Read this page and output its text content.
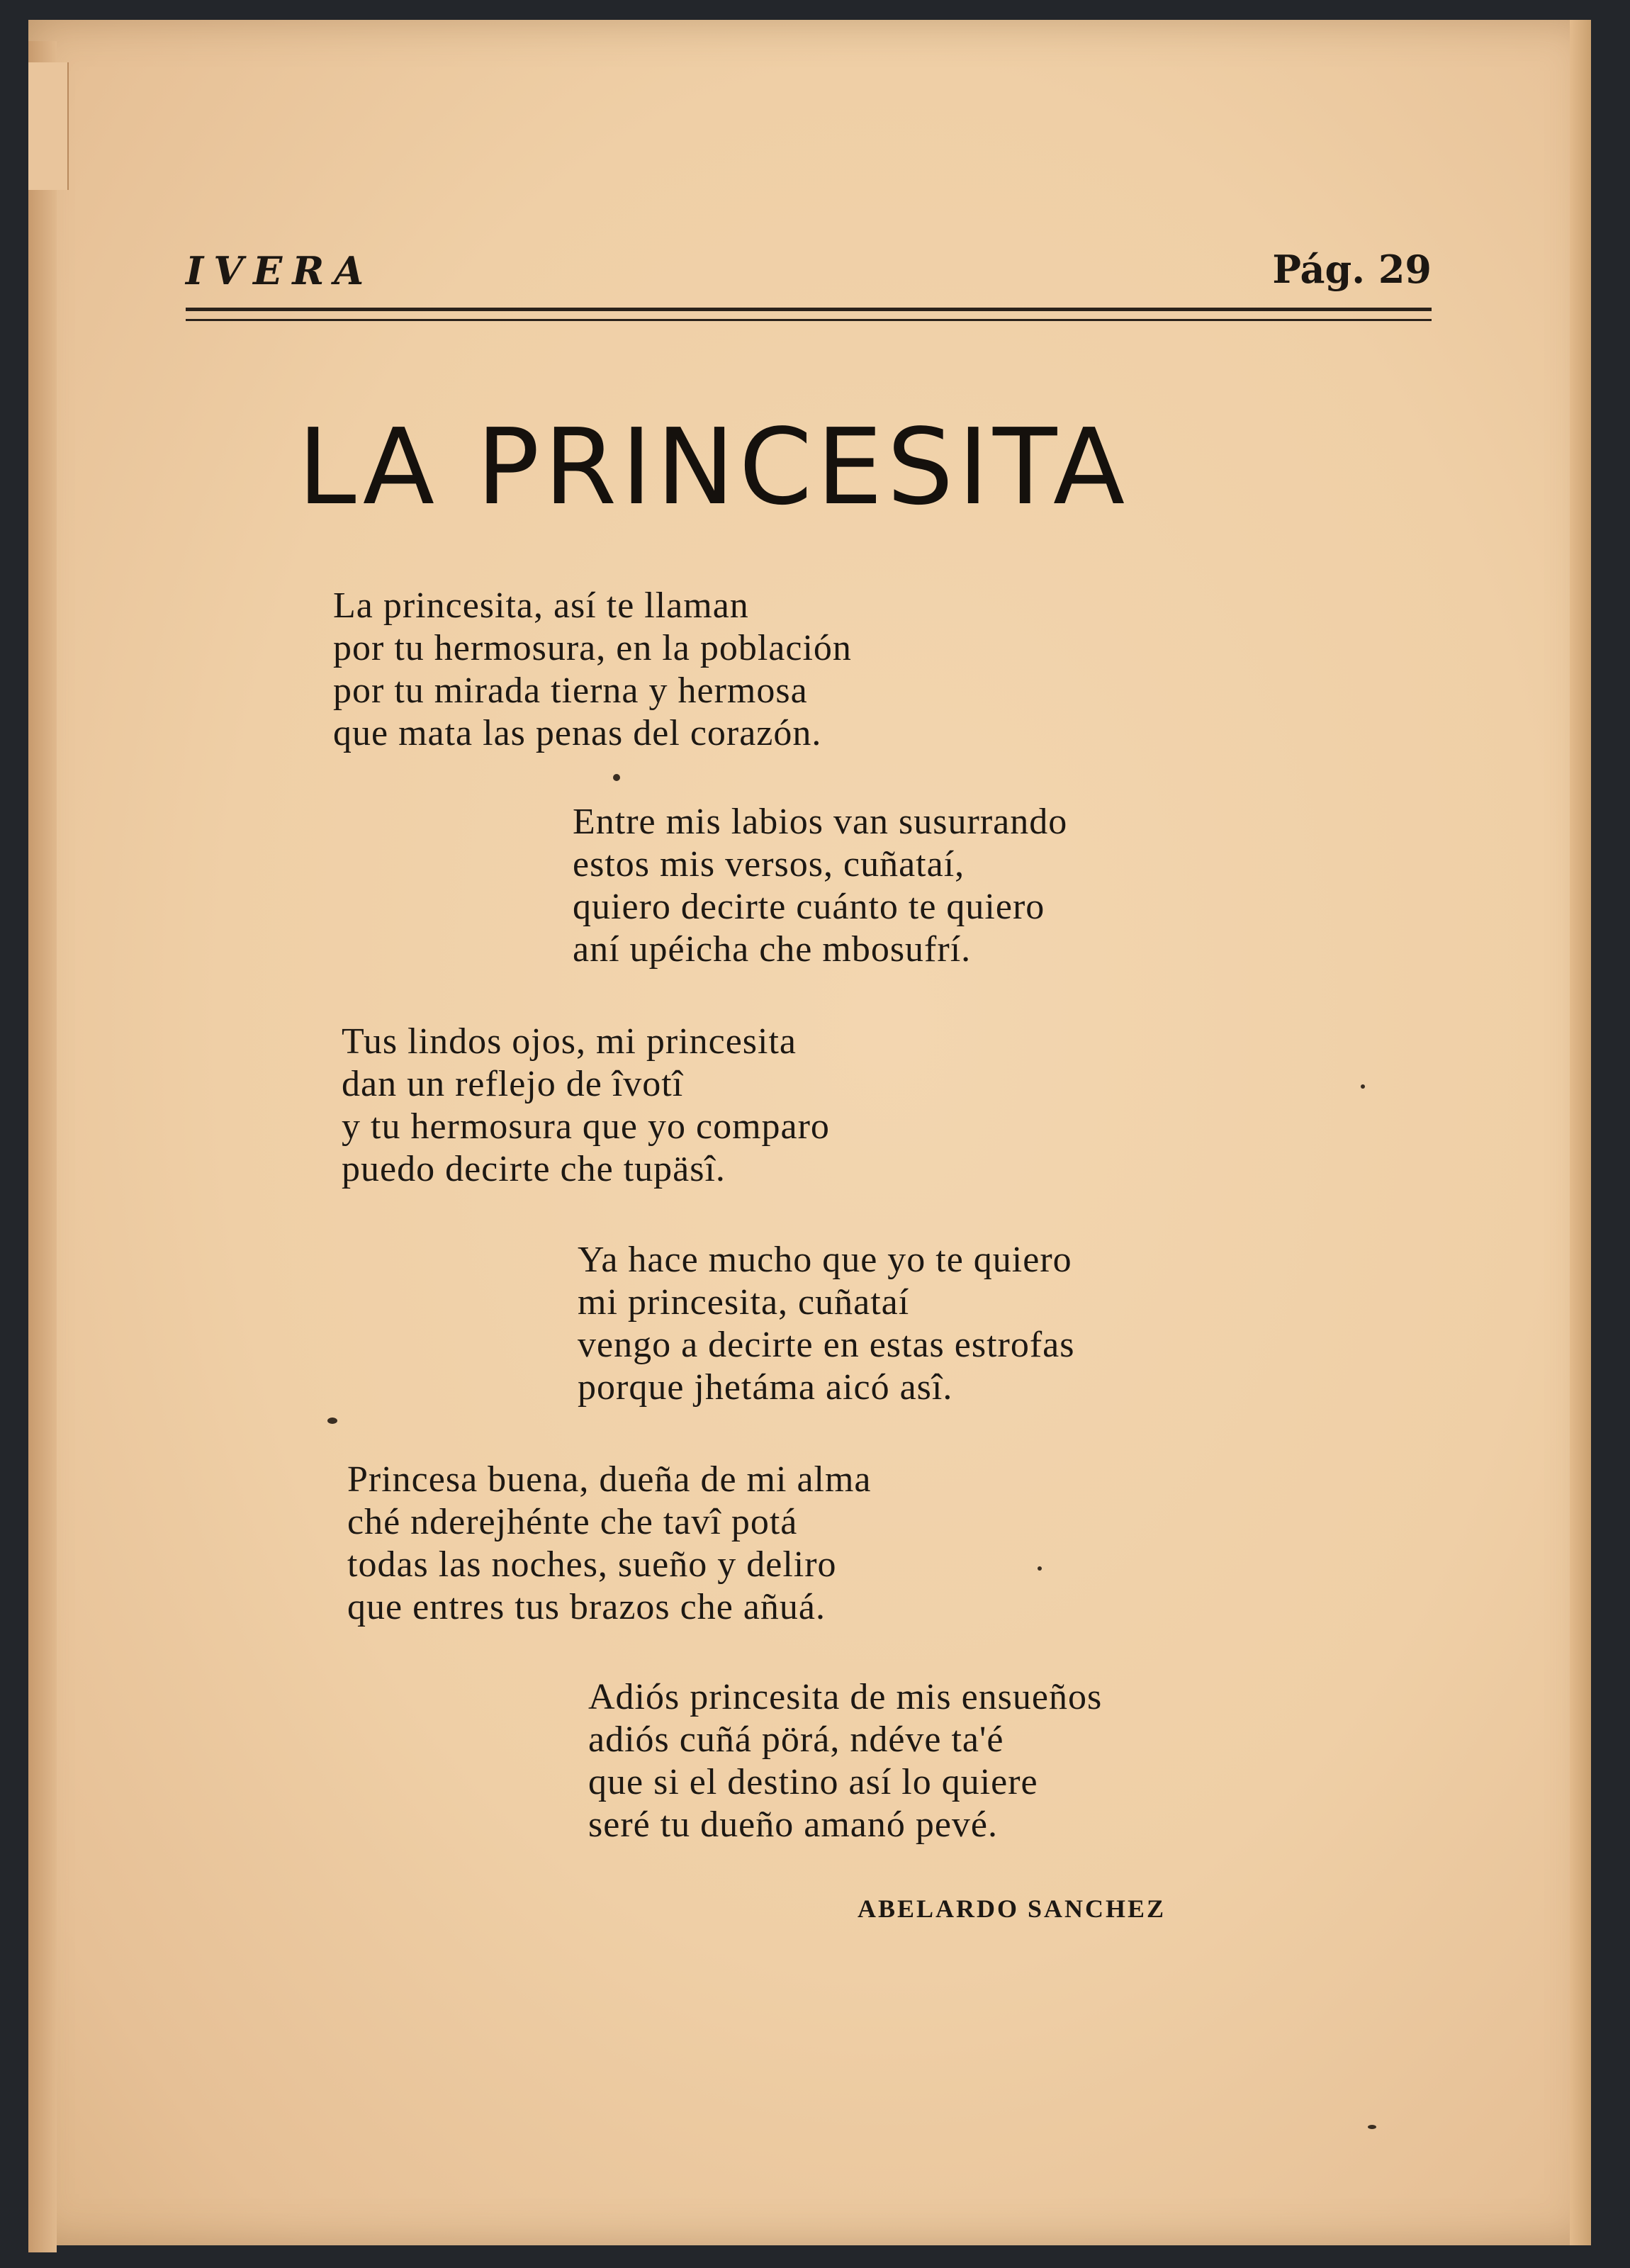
IVERA	Pág. 29
LA PRINCESITA
La princesita, así te llaman
por tu hermosura, en la población
por tu mirada tierna y hermosa
que mata las penas del corazón.
Entre mis labios van susurrando
estos mis versos, cuñataí,
quiero decirte cuánto te quiero
aní upéicha che mbosufrí.
Tus lindos ojos, mi princesita
dan un reflejo de îvotî
y tu hermosura que yo comparo
puedo decirte che tupäsî.
Ya hace mucho que yo te quiero
mi princesita, cuñataí
vengo a decirte en estas estrofas
porque jhetáma aicó asî.
Princesa buena, dueña de mi alma
ché nderejhénte che tavî potá
todas las noches, sueño y deliro
que entres tus brazos che añuá.
Adiós princesita de mis ensueños
adiós cuñá pörá, ndéve ta'é
que si el destino así lo quiere
seré tu dueño amanó pevé.
ABELARDO SANCHEZ
